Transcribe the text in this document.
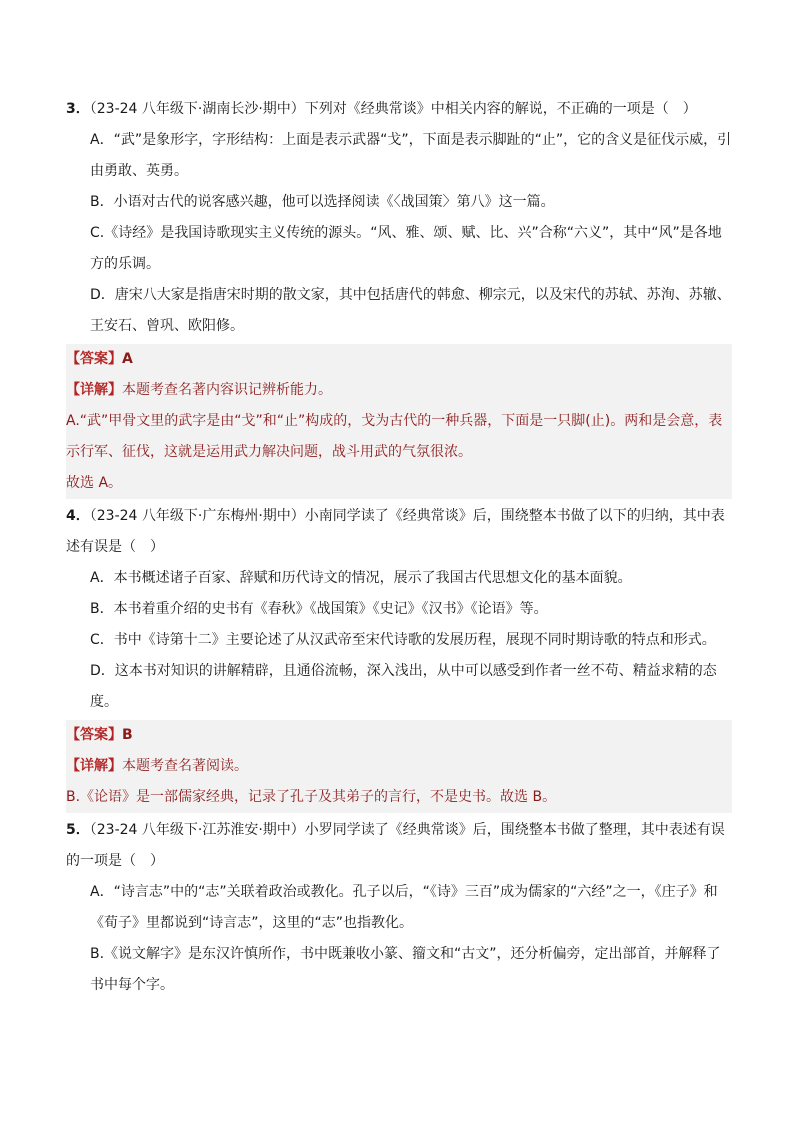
3．（23-24 八年级下·湖南长沙·期中）下列对《经典常谈》中相关内容的解说，不正确的一项是（　）
A．“武”是象形字，字形结构：上面是表示武器“戈”，下面是表示脚趾的“止”，它的含义是征伐示威，引
由勇敢、英勇。
B．小语对古代的说客感兴趣，他可以选择阅读《〈战国策〉第八》这一篇。
C.《诗经》是我国诗歌现实主义传统的源头。“风、雅、颂、赋、比、兴”合称“六义”，其中“风”是各地
方的乐调。
D．唐宋八大家是指唐宋时期的散文家，其中包括唐代的韩愈、柳宗元，以及宋代的苏轼、苏洵、苏辙、
王安石、曾巩、欧阳修。
【答案】A
【详解】本题考查名著内容识记辨析能力。
A.“武”甲骨文里的武字是由“戈”和“止”构成的，戈为古代的一种兵器，下面是一只脚(止)。两和是会意，表
示行军、征伐，这就是运用武力解决问题，战斗用武的气氛很浓。
故选 A。
4．（23-24 八年级下·广东梅州·期中）小南同学读了《经典常谈》后，围绕整本书做了以下的归纳，其中表
述有误是（　）
A．本书概述诸子百家、辞赋和历代诗文的情况，展示了我国古代思想文化的基本面貌。
B．本书着重介绍的史书有《春秋》《战国策》《史记》《汉书》《论语》等。
C．书中《诗第十二》主要论述了从汉武帝至宋代诗歌的发展历程，展现不同时期诗歌的特点和形式。
D．这本书对知识的讲解精辟，且通俗流畅，深入浅出，从中可以感受到作者一丝不苟、精益求精的态
度。
【答案】B
【详解】本题考查名著阅读。
B.《论语》是一部儒家经典，记录了孔子及其弟子的言行，不是史书。故选 B。
5．（23-24 八年级下·江苏淮安·期中）小罗同学读了《经典常谈》后，围绕整本书做了整理，其中表述有误
的一项是（　）
A．“诗言志”中的“志”关联着政治或教化。孔子以后，“《诗》三百”成为儒家的“六经”之一，《庄子》和
《荀子》里都说到“诗言志”，这里的“志”也指教化。
B.《说文解字》是东汉许慎所作，书中既兼收小篆、籀文和“古文”，还分析偏旁，定出部首，并解释了
书中每个字。
